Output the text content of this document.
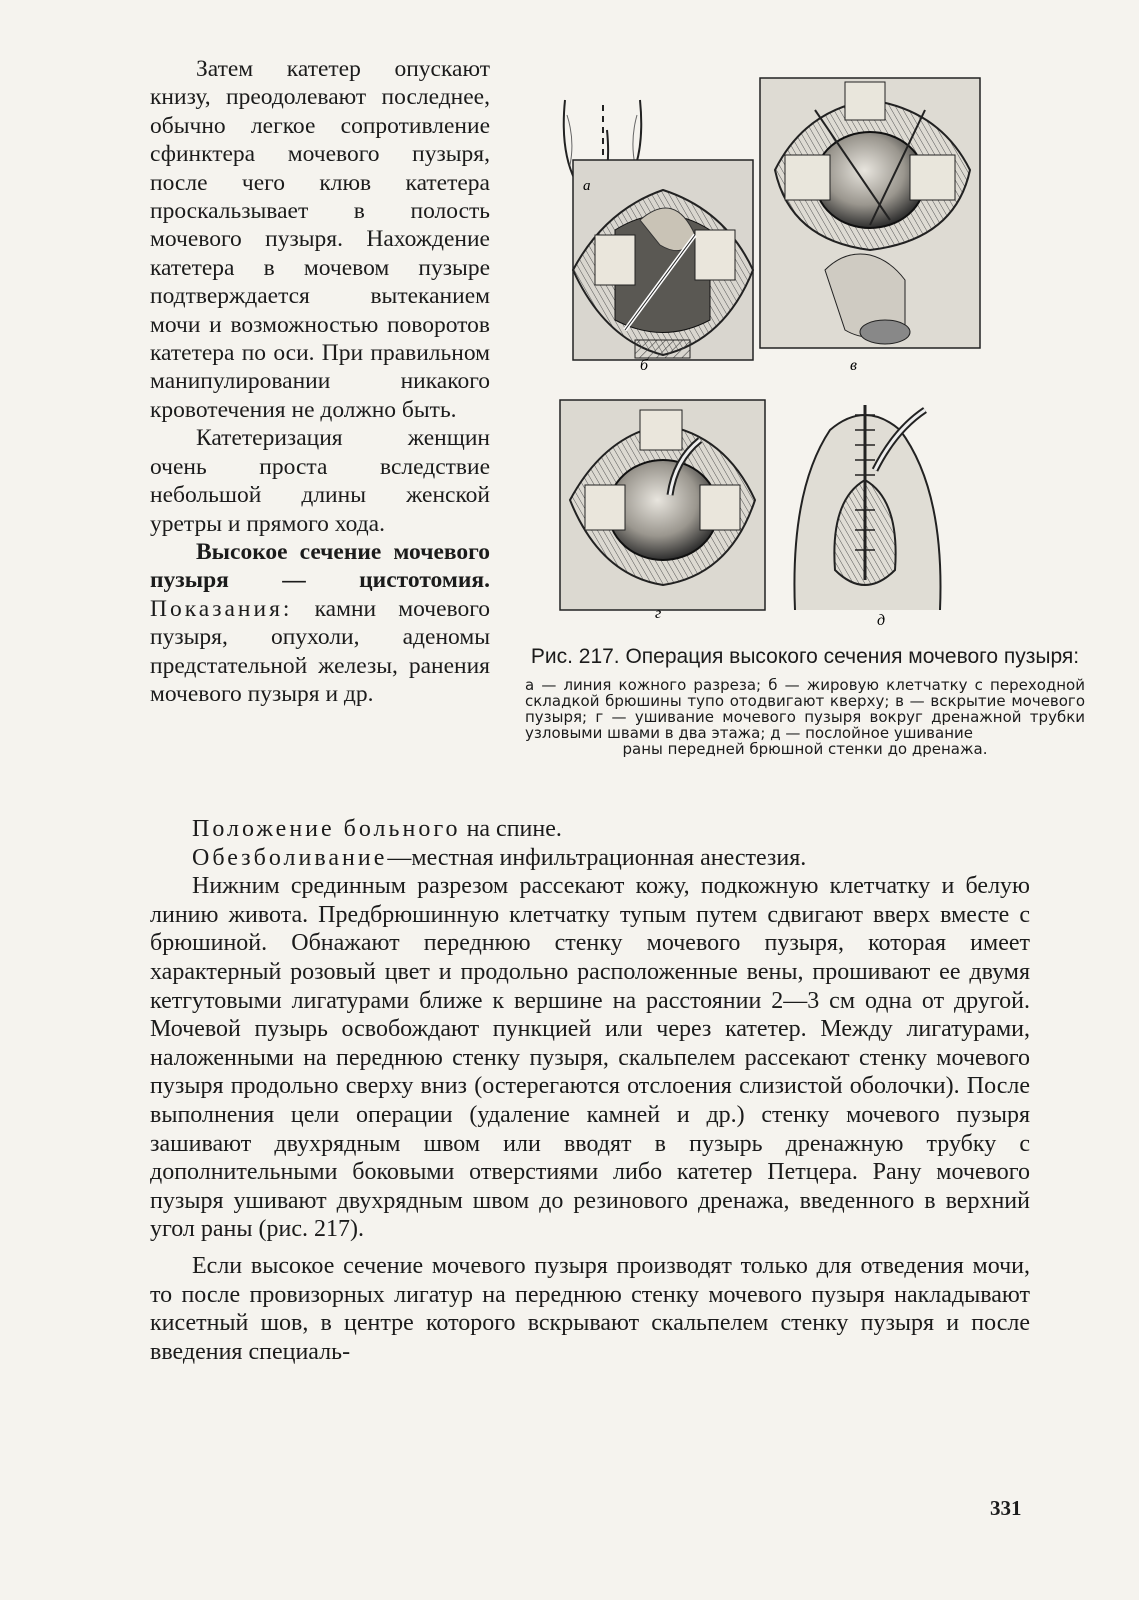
Затем катетер опускают книзу, преодолевают последнее, обычно легкое сопротивление сфинктера мочевого пузыря, после чего клюв катетера проскальзывает в полость мочевого пузыря. Нахождение катетера в мочевом пузыре подтверждается вытеканием мочи и возможностью поворотов катетера по оси. При правильном манипулировании никакого кровотечения не должно быть.

Катетеризация женщин очень проста вследствие небольшой длины женской уретры и прямого хода.

Высокое сечение мочевого пузыря — цистотомия. Показания: камни мочевого пузыря, опухоли, аденомы предстательной железы, ранения мочевого пузыря и др.

б	в
а
г	д

Рис. 217. Операция высокого сечения мочевого пузыря:

а — линия кожного разреза; б — жировую клетчатку с переходной складкой брюшины тупо отодвигают кверху; в — вскрытие мочевого пузыря; г — ушивание мочевого пузыря вокруг дренажной трубки узловыми швами в два этажа; д — послойное ушивание
раны передней брюшной стенки до дренажа.

Положение больного на спине.

Обезболивание—местная инфильтрационная анестезия.

Нижним срединным разрезом рассекают кожу, подкожную клетчатку и белую линию живота. Предбрюшинную клетчатку тупым путем сдвигают вверх вместе с брюшиной. Обнажают переднюю стенку мочевого пузыря, которая имеет характерный розовый цвет и продольно расположенные вены, прошивают ее двумя кетгутовыми лигатурами ближе к вершине на расстоянии 2—3 см одна от другой. Мочевой пузырь освобождают пункцией или через катетер. Между лигатурами, наложенными на переднюю стенку пузыря, скальпелем рассекают стенку мочевого пузыря продольно сверху вниз (остерегаются отслоения слизистой оболочки). После выполнения цели операции (удаление камней и др.) стенку мочевого пузыря зашивают двухрядным швом или вводят в пузырь дренажную трубку с дополнительными боковыми отверстиями либо катетер Петцера. Рану мочевого пузыря ушивают двухрядным швом до резинового дренажа, введенного в верхний угол раны (рис. 217).

Если высокое сечение мочевого пузыря производят только для отведения мочи, то после провизорных лигатур на переднюю стенку мочевого пузыря накладывают кисетный шов, в центре которого вскрывают скальпелем стенку пузыря и после введения специаль-

331
